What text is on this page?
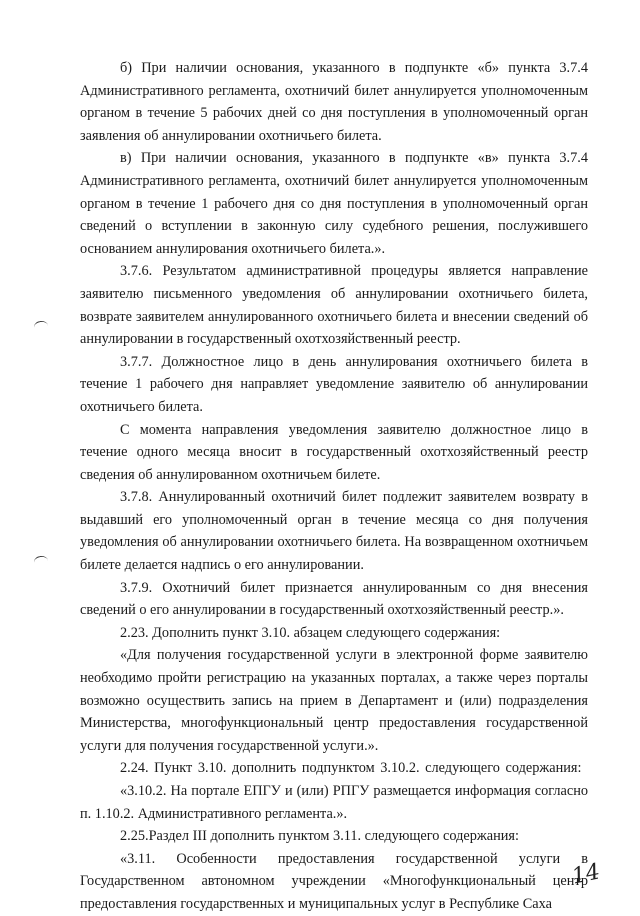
б) При наличии основания, указанного в подпункте «б» пункта 3.7.4 Административного регламента, охотничий билет аннулируется уполномоченным органом в течение 5 рабочих дней со дня поступления в уполномоченный орган заявления об аннулировании охотничьего билета.

в) При наличии основания, указанного в подпункте «в» пункта 3.7.4 Административного регламента, охотничий билет аннулируется уполномоченным органом в течение 1 рабочего дня со дня поступления в уполномоченный орган сведений о вступлении в законную силу судебного решения, послужившего основанием аннулирования охотничьего билета.».

3.7.6. Результатом административной процедуры является направление заявителю письменного уведомления об аннулировании охотничьего билета, возврате заявителем аннулированного охотничьего билета и внесении сведений об аннулировании в государственный охотхозяйственный реестр.

3.7.7. Должностное лицо в день аннулирования охотничьего билета в течение 1 рабочего дня направляет уведомление заявителю об аннулировании охотничьего билета.

С момента направления уведомления заявителю должностное лицо в течение одного месяца вносит в государственный охотхозяйственный реестр сведения об аннулированном охотничьем билете.

3.7.8. Аннулированный охотничий билет подлежит заявителем возврату в выдавший его уполномоченный орган в течение месяца со дня получения уведомления об аннулировании охотничьего билета. На возвращенном охотничьем билете делается надпись о его аннулировании.

3.7.9. Охотничий билет признается аннулированным со дня внесения сведений о его аннулировании в государственный охотхозяйственный реестр.».

2.23. Дополнить пункт 3.10. абзацем следующего содержания:

«Для получения государственной услуги в электронной форме заявителю необходимо пройти регистрацию на указанных порталах, а также через порталы возможно осуществить запись на прием в Департамент и (или) подразделения Министерства, многофункциональный центр предоставления государственной услуги для получения государственной услуги.».

2.24. Пункт 3.10. дополнить подпунктом 3.10.2. следующего содержания:

«3.10.2. На портале ЕПГУ и (или) РПГУ размещается информация согласно п. 1.10.2. Административного регламента.».

2.25.Раздел III дополнить пунктом 3.11. следующего содержания:

«3.11. Особенности предоставления государственной услуги в Государственном автономном учреждении «Многофункциональный центр предоставления государственных и муниципальных услуг в Республике Саха

14
